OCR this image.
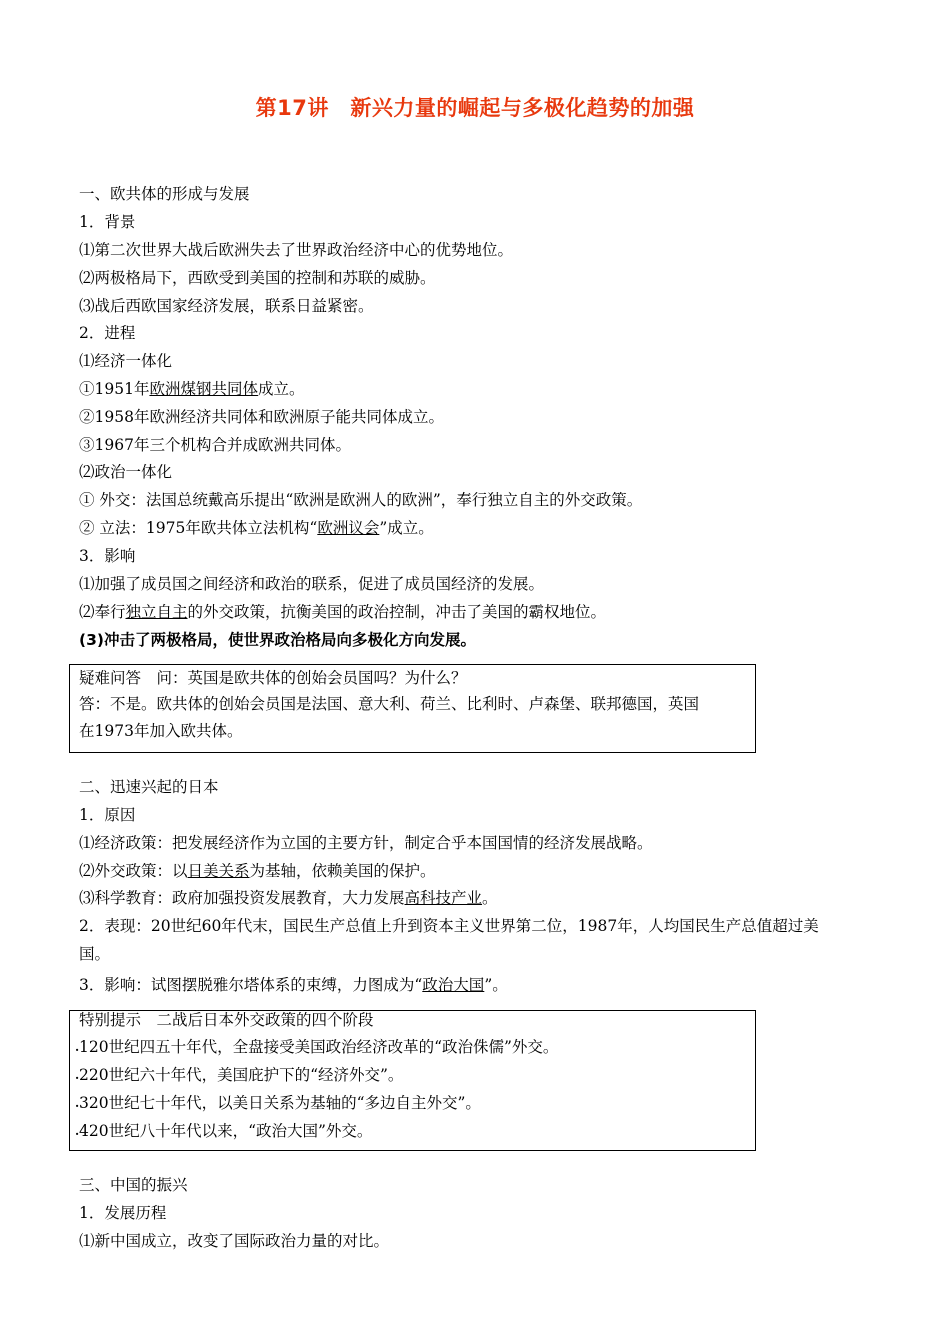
第17讲　新兴力量的崛起与多极化趋势的加强
一、欧共体的形成与发展
1．背景
⑴第二次世界大战后欧洲失去了世界政治经济中心的优势地位。
⑵两极格局下，西欧受到美国的控制和苏联的威胁。
⑶战后西欧国家经济发展，联系日益紧密。
2．进程
⑴经济一体化
①1951年欧洲煤钢共同体成立。
②1958年欧洲经济共同体和欧洲原子能共同体成立。
③1967年三个机构合并成欧洲共同体。
⑵政治一体化
① 外交：法国总统戴高乐提出“欧洲是欧洲人的欧洲”，奉行独立自主的外交政策。
② 立法：1975年欧共体立法机构“欧洲议会”成立。
3．影响
⑴加强了成员国之间经济和政治的联系，促进了成员国经济的发展。
⑵奉行独立自主的外交政策，抗衡美国的政治控制，冲击了美国的霸权地位。
(3)冲击了两极格局，使世界政治格局向多极化方向发展。
疑难问答　问：英国是欧共体的创始会员国吗？为什么？
答：不是。欧共体的创始会员国是法国、意大利、荷兰、比利时、卢森堡、联邦德国，英国
在1973年加入欧共体。
二、迅速兴起的日本
1．原因
⑴经济政策：把发展经济作为立国的主要方针，制定合乎本国国情的经济发展战略。
⑵外交政策：以日美关系为基轴，依赖美国的保护。
⑶科学教育：政府加强投资发展教育，大力发展高科技产业。
2．表现：20世纪60年代末，国民生产总值上升到资本主义世界第二位，1987年，人均国民生产总值超过美
国。
3．影响：试图摆脱雅尔塔体系的束缚，力图成为“政治大国”。
特别提示　二战后日本外交政策的四个阶段
. 120世纪四五十年代，全盘接受美国政治经济改革的“政治侏儒”外交。
. 220世纪六十年代，美国庇护下的“经济外交”。
. 320世纪七十年代，以美日关系为基轴的“多边自主外交”。
. 420世纪八十年代以来，“政治大国”外交。
三、中国的振兴
1．发展历程
⑴新中国成立，改变了国际政治力量的对比。
